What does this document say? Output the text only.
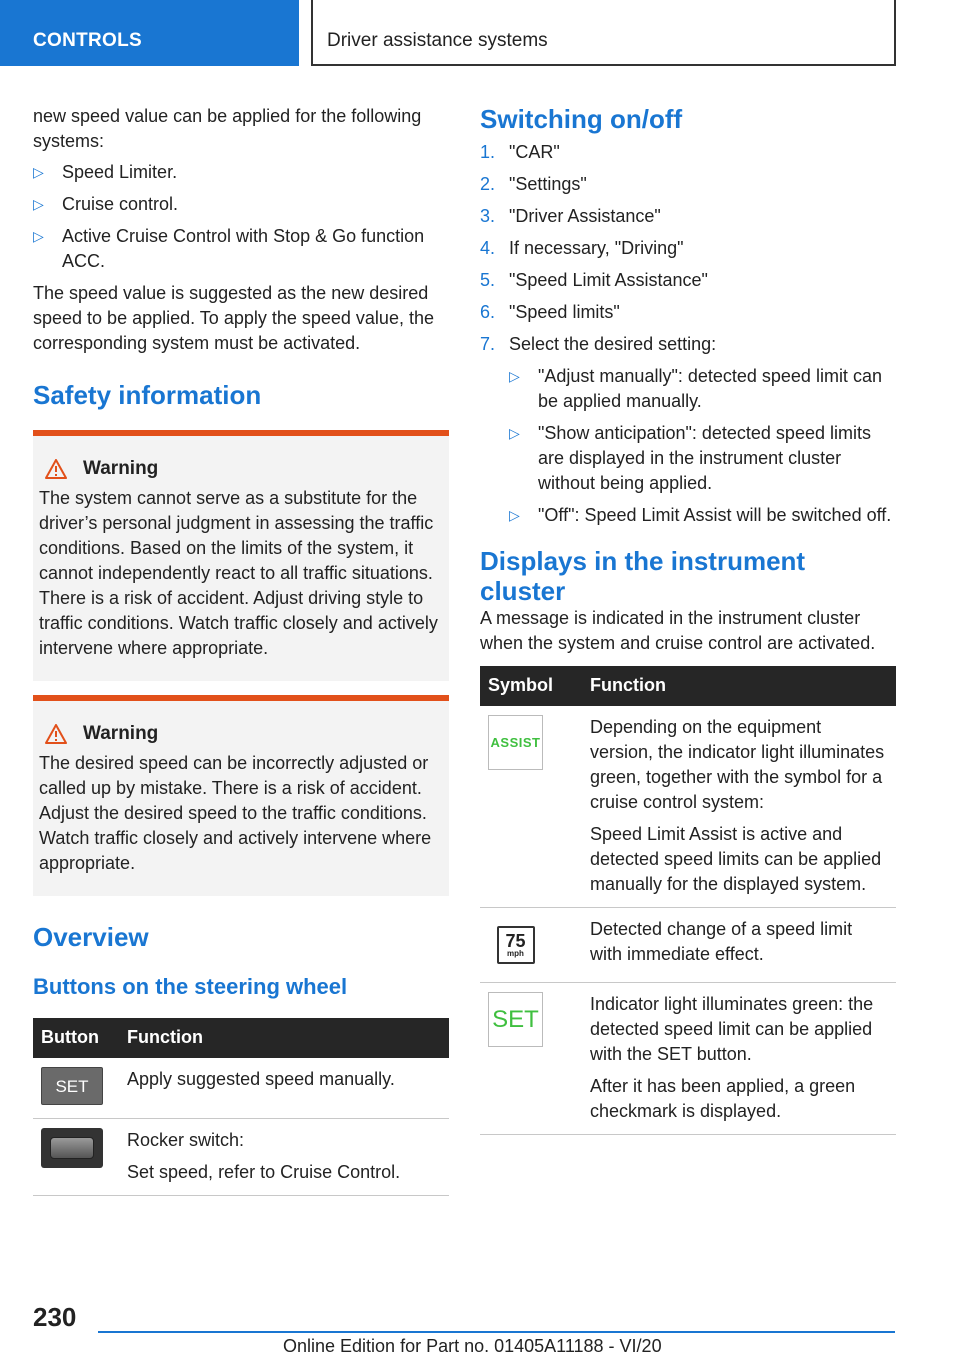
CONTROLS	Driver assistance systems

new speed value can be applied for the following systems:

▷ Speed Limiter.
▷ Cruise control.
▷ Active Cruise Control with Stop & Go function ACC.

The speed value is suggested as the new desired speed to be applied. To apply the speed value, the corresponding system must be activated.

Safety information
Warning

The system cannot serve as a substitute for the driver’s personal judgment in assessing the traffic conditions. Based on the limits of the system, it cannot independently react to all traffic situations. There is a risk of accident. Adjust driving style to traffic conditions. Watch traffic closely and actively intervene where appropriate.

Warning

The desired speed can be incorrectly adjusted or called up by mistake. There is a risk of accident. Adjust the desired speed to the traffic conditions. Watch traffic closely and actively intervene where appropriate.

Overview
Buttons on the steering wheel
Button	Function

SET	Apply suggested speed manually.

	Rocker switch:

Set speed, refer to Cruise Control.

Switching on/off
1. "CAR"
2. "Settings"
3. "Driver Assistance"
4. If necessary, "Driving"
5. "Speed Limit Assistance"
6. "Speed limits"
7. Select the desired setting:
▷ "Adjust manually": detected speed limit can be applied manually.
▷ "Show anticipation": detected speed limits are displayed in the instrument cluster without being applied.
▷ "Off": Speed Limit Assist will be switched off.
Displays in the instrument cluster

A message is indicated in the instrument cluster when the system and cruise control are activated.

Symbol	Function

ASSIST	Depending on the equipment version, the indicator light illuminates green, together with the symbol for a cruise control system:

Speed Limit Assist is active and detected speed limits can be applied manually for the displayed system.

75
mph	Detected change of a speed limit with immediate effect.

SET	Indicator light illuminates green: the detected speed limit can be applied with the SET button.

After it has been applied, a green checkmark is displayed.

230
Online Edition for Part no. 01405A11188 - VI/20
